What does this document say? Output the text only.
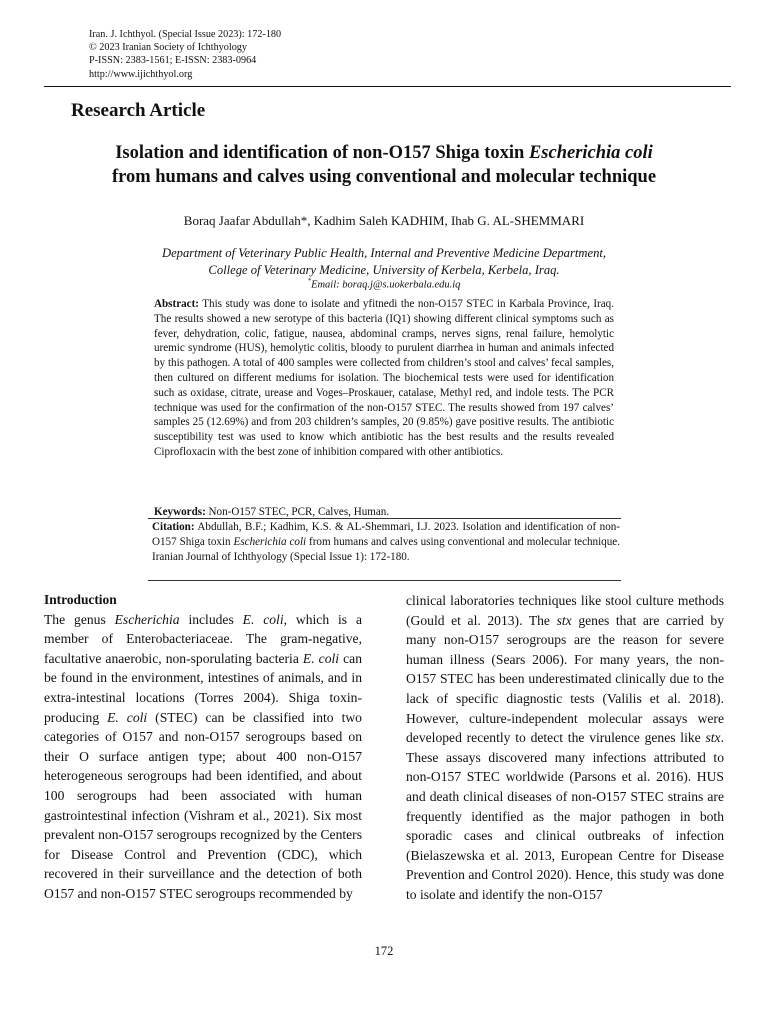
Iran. J. Ichthyol. (Special Issue 2023): 172-180
© 2023 Iranian Society of Ichthyology
P-ISSN: 2383-1561; E-ISSN: 2383-0964
http://www.ijichthyol.org
Research Article
Isolation and identification of non-O157 Shiga toxin Escherichia coli
from humans and calves using conventional and molecular technique
Boraq Jaafar Abdullah*, Kadhim Saleh KADHIM, Ihab G. AL-SHEMMARI
Department of Veterinary Public Health, Internal and Preventive Medicine Department,
College of Veterinary Medicine, University of Kerbela, Kerbela, Iraq.
*Email: boraq.j@s.uokerbala.edu.iq
Abstract: This study was done to isolate and yfitnedi the non-O157 STEC in Karbala Province, Iraq. The results showed a new serotype of this bacteria (IQ1) showing different clinical symptoms such as fever, dehydration, colic, fatigue, nausea, abdominal cramps, nerves signs, renal failure, hemolytic uremic syndrome (HUS), hemolytic colitis, bloody to purulent diarrhea in human and animals infected by this pathogen. A total of 400 samples were collected from children’s stool and calves’ fecal samples, then cultured on different mediums for isolation. The biochemical tests were used for identification such as oxidase, citrate, urease and Voges–Proskauer, catalase, Methyl red, and indole tests. The PCR technique was used for the confirmation of the non-O157 STEC. The results showed from 197 calves’ samples 25 (12.69%) and from 203 children’s samples, 20 (9.85%) gave positive results. The antibiotic susceptibility test was used to know which antibiotic has the best results and the results revealed Ciprofloxacin with the best zone of inhibition compared with other antibiotics.
Keywords: Non-O157 STEC, PCR, Calves, Human.
Citation: Abdullah, B.F.; Kadhim, K.S. & AL-Shemmari, I.J. 2023. Isolation and identification of non-O157 Shiga toxin Escherichia coli from humans and calves using conventional and molecular technique. Iranian Journal of Ichthyology (Special Issue 1): 172-180.
Introduction
The genus Escherichia includes E. coli, which is a member of Enterobacteriaceae. The gram-negative, facultative anaerobic, non-sporulating bacteria E. coli can be found in the environment, intestines of animals, and in extra-intestinal locations (Torres 2004). Shiga toxin-producing E. coli (STEC) can be classified into two categories of O157 and non-O157 serogroups based on their O surface antigen type; about 400 non-O157 heterogeneous serogroups had been identified, and about 100 serogroups had been associated with human gastrointestinal infection (Vishram et al., 2021). Six most prevalent non-O157 serogroups recognized by the Centers for Disease Control and Prevention (CDC), which recovered in their surveillance and the detection of both O157 and non-O157 STEC serogroups recommended by
clinical laboratories techniques like stool culture methods (Gould et al. 2013). The stx genes that are carried by many non-O157 serogroups are the reason for severe human illness (Sears 2006). For many years, the non-O157 STEC has been underestimated clinically due to the lack of specific diagnostic tests (Valilis et al. 2018). However, culture-independent molecular assays were developed recently to detect the virulence genes like stx. These assays discovered many infections attributed to non-O157 STEC worldwide (Parsons et al. 2016). HUS and death clinical diseases of non-O157 STEC strains are frequently identified as the major pathogen in both sporadic cases and clinical outbreaks of infection (Bielaszewska et al. 2013, European Centre for Disease Prevention and Control 2020). Hence, this study was done to isolate and identify the non-O157
172
